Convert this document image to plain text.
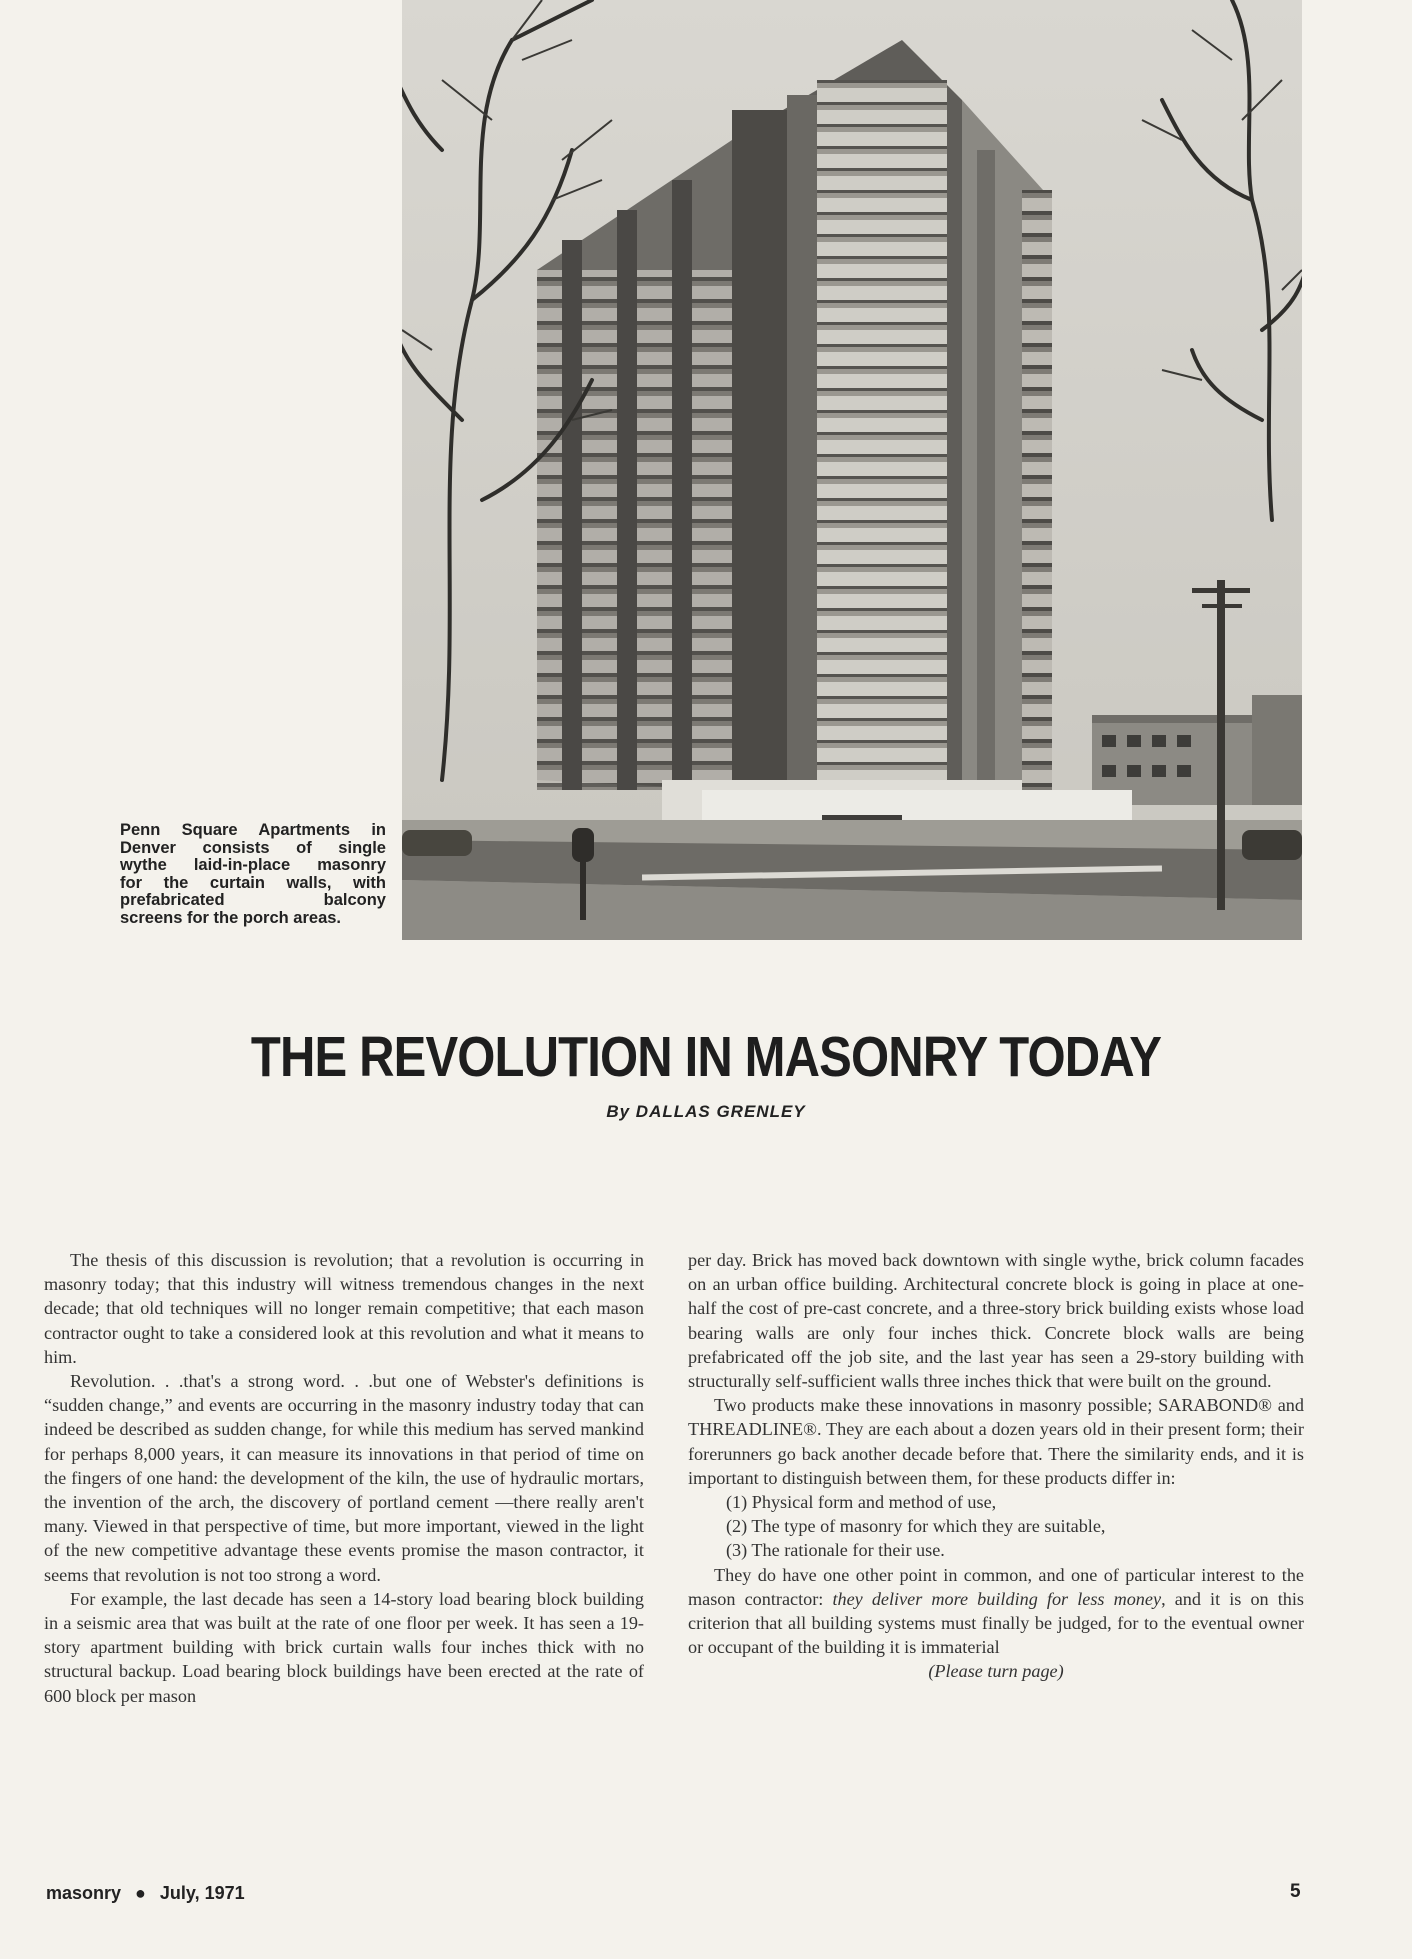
Penn Square Apartments in

Denver consists of single

wythe laid-in-place masonry

for the curtain walls, with

prefabricated balcony

screens for the porch areas.

THE REVOLUTION IN MASONRY TODAY
By DALLAS GRENLEY

The thesis of this discussion is revolution; that a revolution is occurring in masonry today; that this industry will witness tremendous changes in the next decade; that old techniques will no longer remain competitive; that each mason contractor ought to take a considered look at this revolution and what it means to him.

Revolution. . .that's a strong word. . .but one of Webster's definitions is “sudden change,” and events are occurring in the masonry industry today that can indeed be described as sudden change, for while this medium has served mankind for perhaps 8,000 years, it can measure its innovations in that period of time on the fingers of one hand: the development of the kiln, the use of hydraulic mortars, the invention of the arch, the discovery of portland cement —there really aren't many. Viewed in that perspective of time, but more important, viewed in the light of the new competitive advantage these events promise the mason contractor, it seems that revolution is not too strong a word.

For example, the last decade has seen a 14-story load bearing block building in a seismic area that was built at the rate of one floor per week. It has seen a 19-story apartment building with brick curtain walls four inches thick with no structural backup. Load bearing block buildings have been erected at the rate of 600 block per mason

per day. Brick has moved back downtown with single wythe, brick column facades on an urban office building. Architectural concrete block is going in place at one-half the cost of pre-cast concrete, and a three-story brick building exists whose load bearing walls are only four inches thick. Concrete block walls are being prefabricated off the job site, and the last year has seen a 29-story building with structurally self-sufficient walls three inches thick that were built on the ground.

Two products make these innovations in masonry possible; SARABOND® and THREADLINE®. They are each about a dozen years old in their present form; their forerunners go back another decade before that. There the similarity ends, and it is important to distinguish between them, for these products differ in:

(1) Physical form and method of use,
(2) The type of masonry for which they are suitable,
(3) The rationale for their use.

They do have one other point in common, and one of particular interest to the mason contractor: they deliver more building for less money, and it is on this criterion that all building systems must finally be judged, for to the eventual owner or occupant of the building it is immaterial

(Please turn page)
masonry ● July, 1971	5
